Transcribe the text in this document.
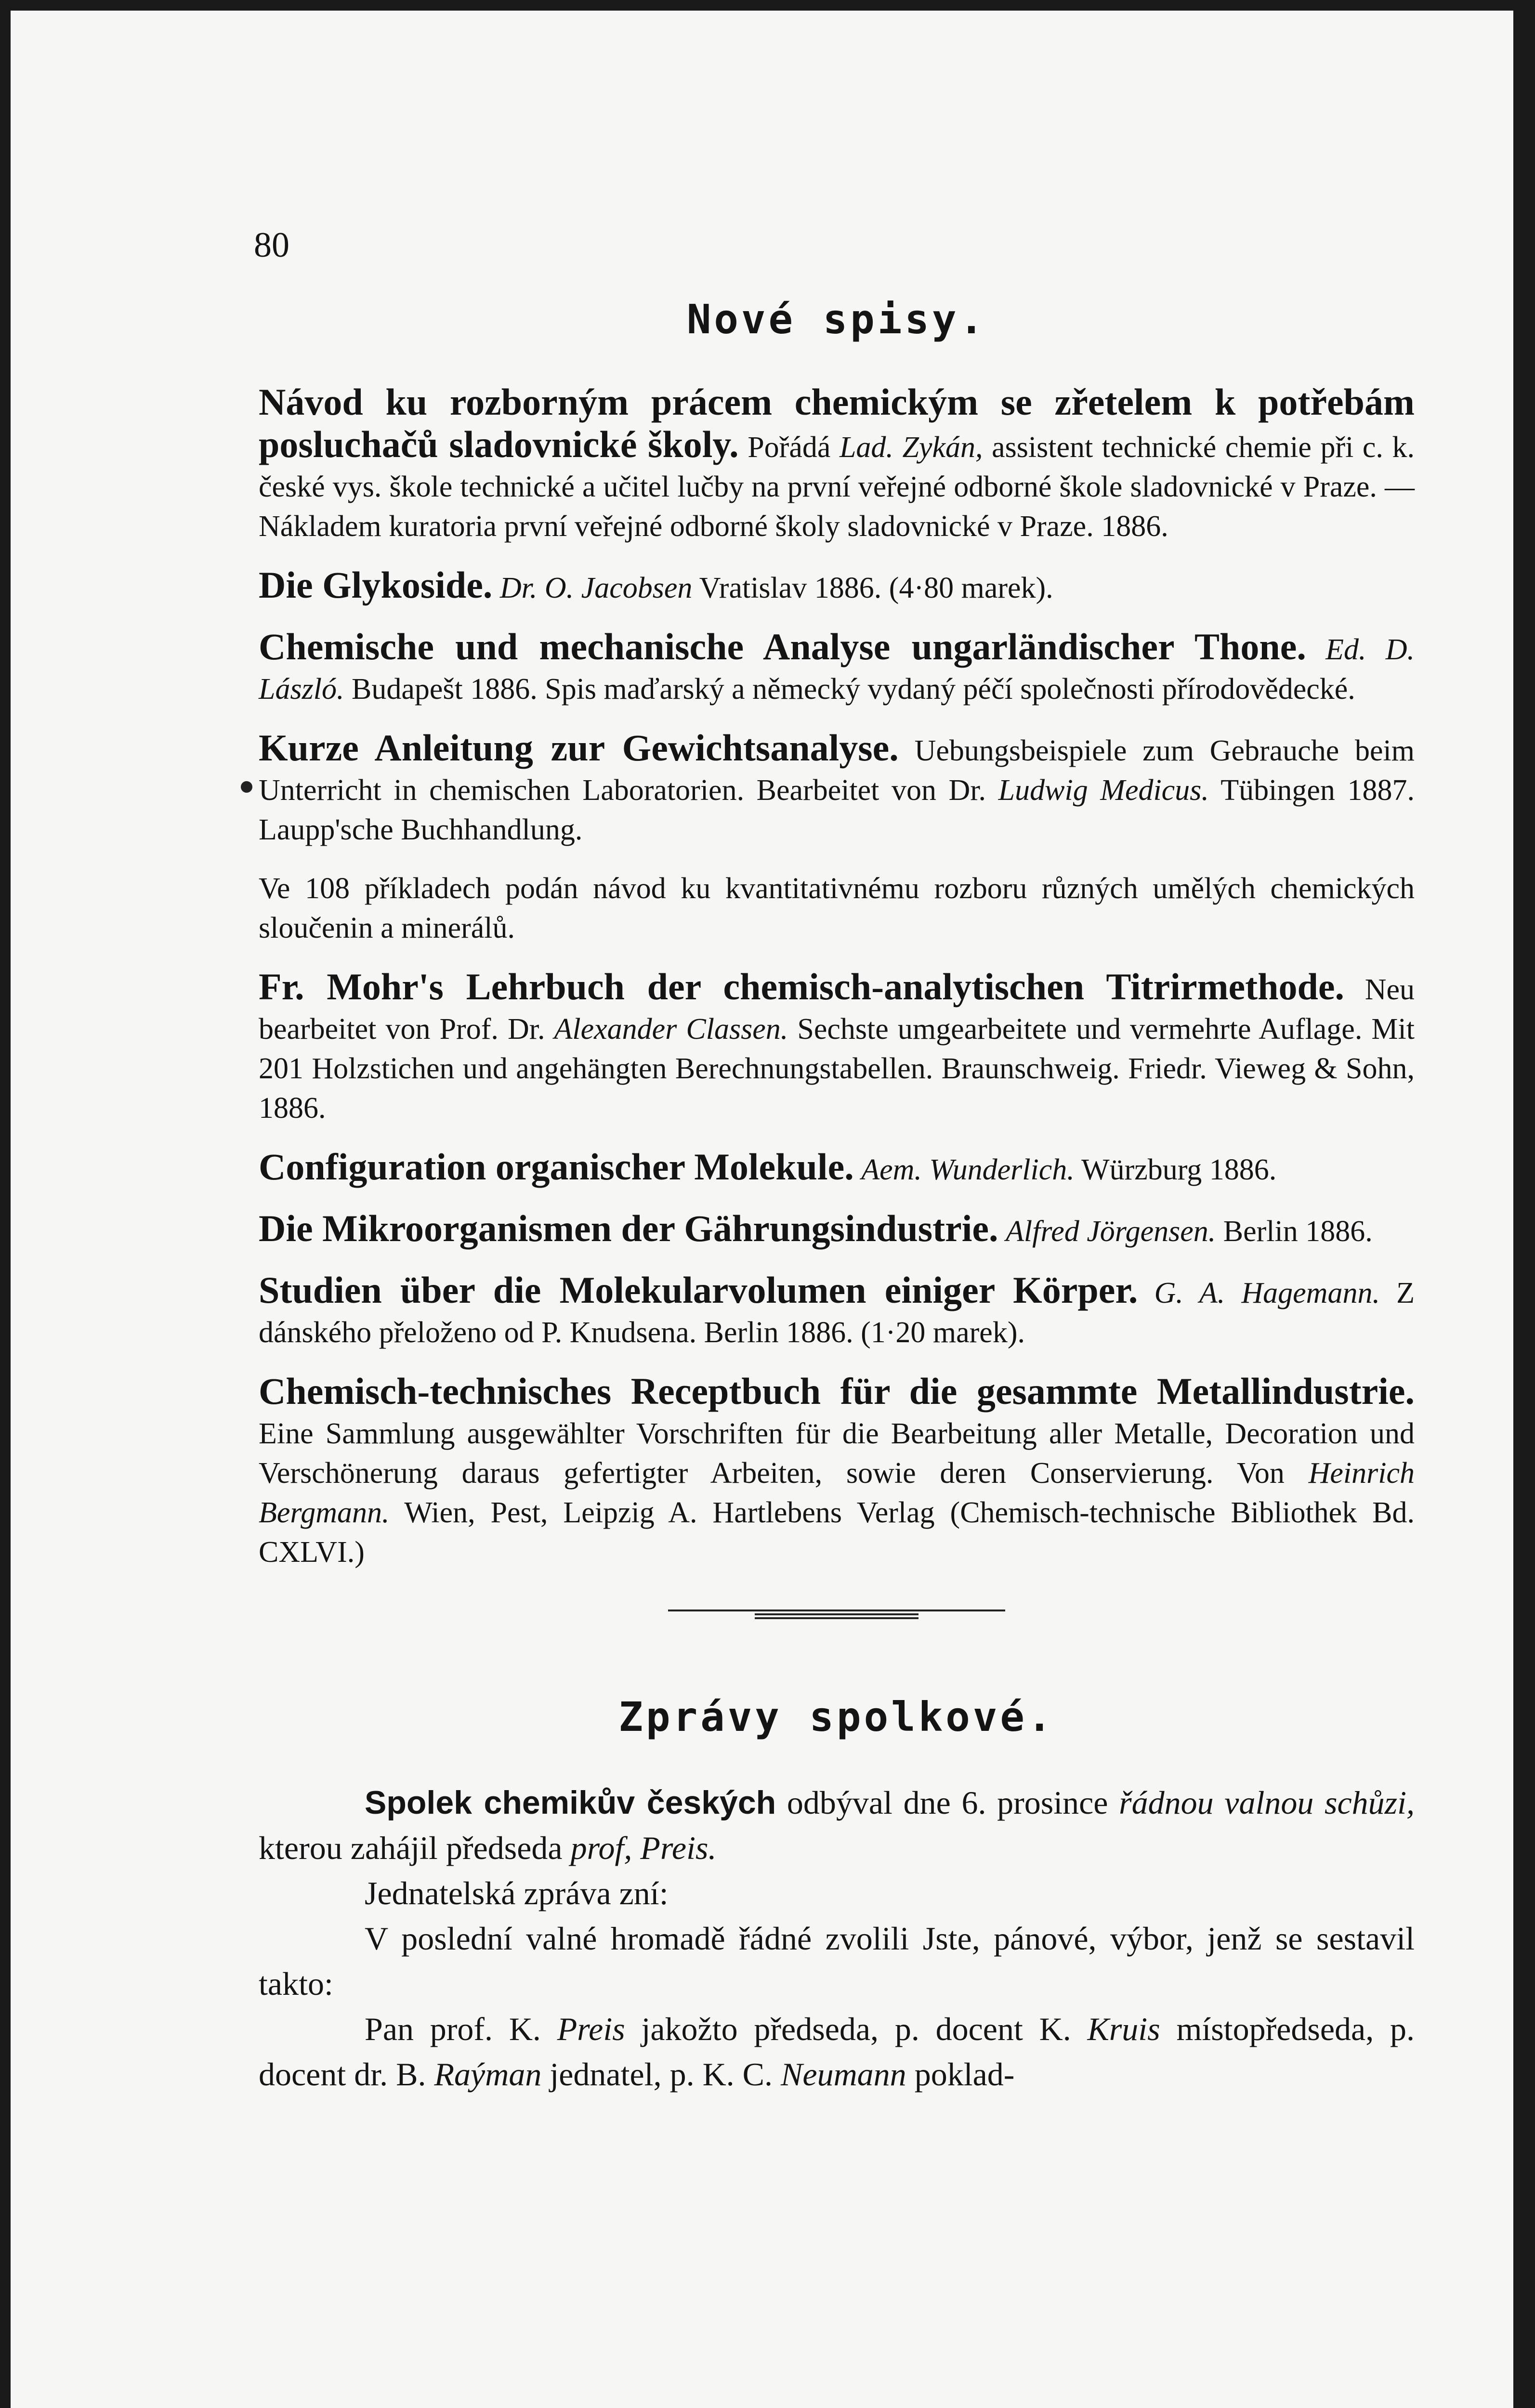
80
Nové spisy.
Návod ku rozborným prácem chemickým se zřetelem k potřebám posluchačů sladovnické školy. Pořádá Lad. Zykán, assistent technické chemie při c. k. české vys. škole technické a učitel lučby na první veřejné odborné škole sladovnické v Praze. — Nákladem kuratoria první veřejné odborné školy sladovnické v Praze. 1886.
Die Glykoside. Dr. O. Jacobsen Vratislav 1886. (4·80 marek).
Chemische und mechanische Analyse ungarländischer Thone. Ed. D. László. Budapešt 1886. Spis maďarský a německý vydaný péčí společnosti přírodovědecké.
Kurze Anleitung zur Gewichtsanalyse. Uebungsbeispiele zum Gebrauche beim Unterricht in chemischen Laboratorien. Bearbeitet von Dr. Ludwig Medicus. Tübingen 1887. Laupp'sche Buchhandlung.
Ve 108 příkladech podán návod ku kvantitativnému rozboru různých umělých chemických sloučenin a minerálů.
Fr. Mohr's Lehrbuch der chemisch-analytischen Titrirmethode. Neu bearbeitet von Prof. Dr. Alexander Classen. Sechste umgearbeitete und vermehrte Auflage. Mit 201 Holzstichen und angehängten Berechnungstabellen. Braunschweig. Friedr. Vieweg & Sohn, 1886.
Configuration organischer Molekule. Aem. Wunderlich. Würzburg 1886.
Die Mikroorganismen der Gährungsindustrie. Alfred Jörgensen. Berlin 1886.
Studien über die Molekularvolumen einiger Körper. G. A. Hagemann. Z dánského přeloženo od P. Knudsena. Berlin 1886. (1·20 marek).
Chemisch-technisches Receptbuch für die gesammte Metallindustrie. Eine Sammlung ausgewählter Vorschriften für die Bearbeitung aller Metalle, Decoration und Verschönerung daraus gefertigter Arbeiten, sowie deren Conservierung. Von Heinrich Bergmann. Wien, Pest, Leipzig A. Hartlebens Verlag (Chemisch-technische Bibliothek Bd. CXLVI.)
Zprávy spolkové.

Spolek chemikův českých odbýval dne 6. prosince řádnou valnou schůzi, kterou zahájil předseda prof, Preis.

Jednatelská zpráva zní:

V poslední valné hromadě řádné zvolili Jste, pánové, výbor, jenž se sestavil takto:

Pan prof. K. Preis jakožto předseda, p. docent K. Kruis místopředseda, p. docent dr. B. Raýman jednatel, p. K. C. Neumann poklad-
